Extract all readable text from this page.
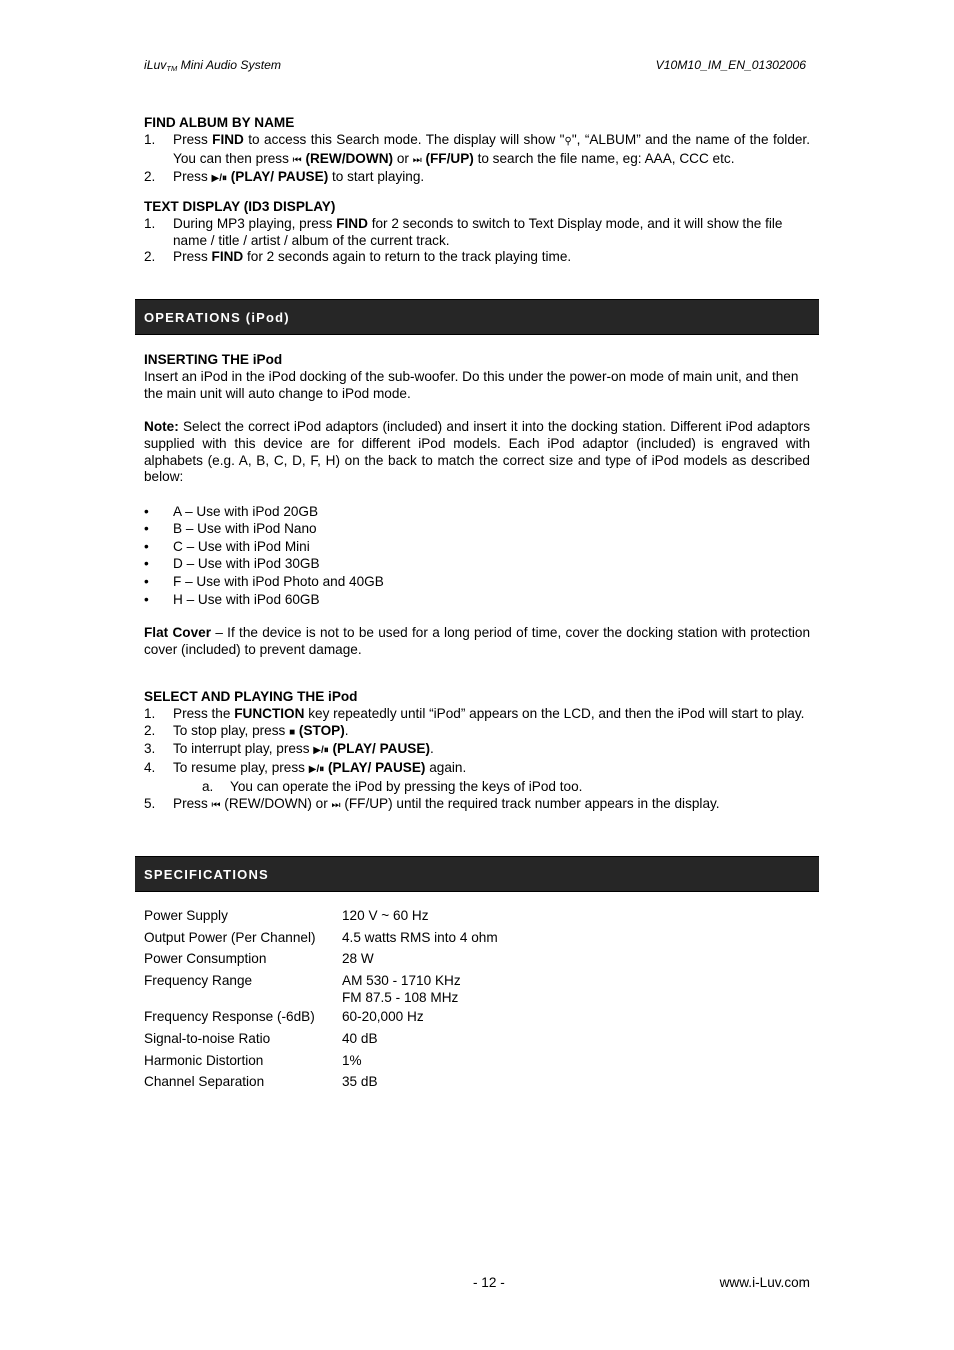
iLuv$_{TM}$ Mini Audio System	V10M10_IM_EN_01302006
FIND ALBUM BY NAME
1. Press FIND to access this Search mode. The display will show "⚲", “ALBUM” and the name of the folder. You can then press ⏮ (REW/DOWN) or ⏭ (FF/UP) to search the file name, eg: AAA, CCC etc.
2. Press ▶/⏸ (PLAY/ PAUSE) to start playing.
TEXT DISPLAY (ID3 DISPLAY)
1. During MP3 playing, press FIND for 2 seconds to switch to Text Display mode, and it will show the file name / title / artist / album of the current track.
2. Press FIND for 2 seconds again to return to the track playing time.
OPERATIONS (iPod)
INSERTING THE iPod

Insert an iPod in the iPod docking of the sub-woofer. Do this under the power-on mode of main unit, and then the main unit will auto change to iPod mode.

Note: Select the correct iPod adaptors (included) and insert it into the docking station. Different iPod adaptors supplied with this device are for different iPod models. Each iPod adaptor (included) is engraved with alphabets (e.g. A, B, C, D, F, H) on the back to match the correct size and type of iPod models as described below:

• A – Use with iPod 20GB
• B – Use with iPod Nano
• C – Use with iPod Mini
• D – Use with iPod 30GB
• F – Use with iPod Photo and 40GB
• H – Use with iPod 60GB

Flat Cover – If the device is not to be used for a long period of time, cover the docking station with protection cover (included) to prevent damage.

SELECT AND PLAYING THE iPod
1. Press the FUNCTION key repeatedly until “iPod” appears on the LCD, and then the iPod will start to play.
2. To stop play, press ■ (STOP).
3. To interrupt play, press ▶/⏸ (PLAY/ PAUSE).
4. To resume play, press ▶/⏸ (PLAY/ PAUSE) again.
a. You can operate the iPod by pressing the keys of iPod too.
5. Press ⏮ (REW/DOWN) or ⏭ (FF/UP) until the required track number appears in the display.
SPECIFICATIONS
Power Supply	120 V ~ 60 Hz
Output Power (Per Channel) 4.5 watts RMS into 4 ohm
Power Consumption	28 W
Frequency Range	AM 530 - 1710 KHz
FM 87.5 - 108 MHz
Frequency Response (-6dB) 60-20,000 Hz
Signal-to-noise Ratio	40 dB
Harmonic Distortion	1%
Channel Separation	35 dB
- 12 -	www.i-Luv.com
